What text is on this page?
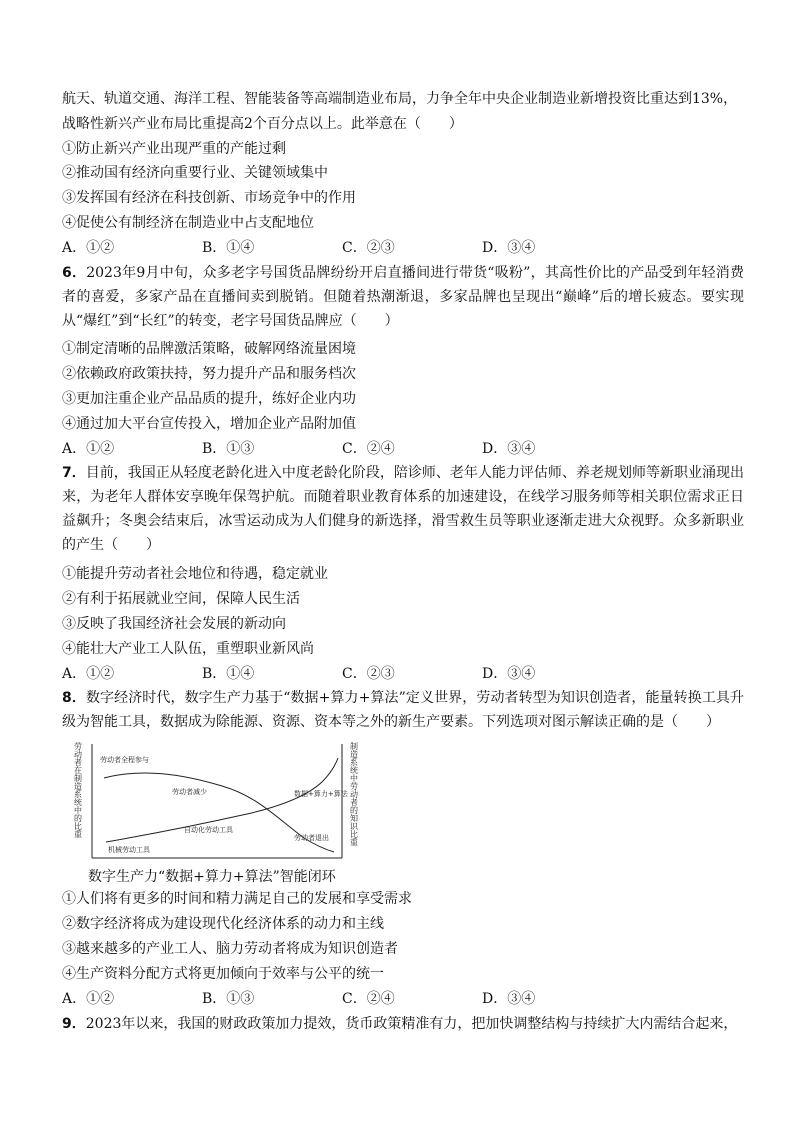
航天、轨道交通、海洋工程、智能装备等高端制造业布局，力争全年中央企业制造业新增投资比重达到13%，
战略性新兴产业布局比重提高2个百分点以上。此举意在（　　）
①防止新兴产业出现严重的产能过剩
②推动国有经济向重要行业、关键领域集中
③发挥国有经济在科技创新、市场竞争中的作用
④促使公有制经济在制造业中占支配地位
A．①②	B．①④	C．②③	D．③④
6．2023年9月中旬，众多老字号国货品牌纷纷开启直播间进行带货“吸粉”，其高性价比的产品受到年轻消费者的喜爱，多家产品在直播间卖到脱销。但随着热潮渐退，多家品牌也呈现出“巅峰”后的增长疲态。要实现从“爆红”到“长红”的转变，老字号国货品牌应（　　）
①制定清晰的品牌激活策略，破解网络流量困境
②依赖政府政策扶持，努力提升产品和服务档次
③更加注重企业产品品质的提升，练好企业内功
④通过加大平台宣传投入，增加企业产品附加值
A．①②	B．①③	C．②④	D．③④
7．目前，我国正从轻度老龄化进入中度老龄化阶段，陪诊师、老年人能力评估师、养老规划师等新职业涌现出来，为老年人群体安享晚年保驾护航。而随着职业教育体系的加速建设，在线学习服务师等相关职位需求正日益飙升；冬奥会结束后，冰雪运动成为人们健身的新选择，滑雪救生员等职业逐渐走进大众视野。众多新职业的产生（　　）
①能提升劳动者社会地位和待遇，稳定就业
②有利于拓展就业空间，保障人民生活
③反映了我国经济社会发展的新动向
④能壮大产业工人队伍，重塑职业新风尚
A．①②	B．①④	C．②③	D．③④
8．数字经济时代，数字生产力基于“数据+算力+算法”定义世界，劳动者转型为知识创造者，能量转换工具升级为智能工具，数据成为除能源、资源、资本等之外的新生产要素。下列选项对图示解读正确的是（　　）
劳动者在制造系统中的比重	制造系统中劳动者的知识比重
劳动者全程参与
劳动者减少	数据+算力+算法
自动化劳动工具
劳动者退出
机械劳动工具
数字生产力“数据+算力+算法”智能闭环
①人们将有更多的时间和精力满足自己的发展和享受需求
②数字经济将成为建设现代化经济体系的动力和主线
③越来越多的产业工人、脑力劳动者将成为知识创造者
④生产资料分配方式将更加倾向于效率与公平的统一
A．①②	B．①③	C．②④	D．③④
9．2023年以来，我国的财政政策加力提效，货币政策精准有力，把加快调整结构与持续扩大内需结合起来，
